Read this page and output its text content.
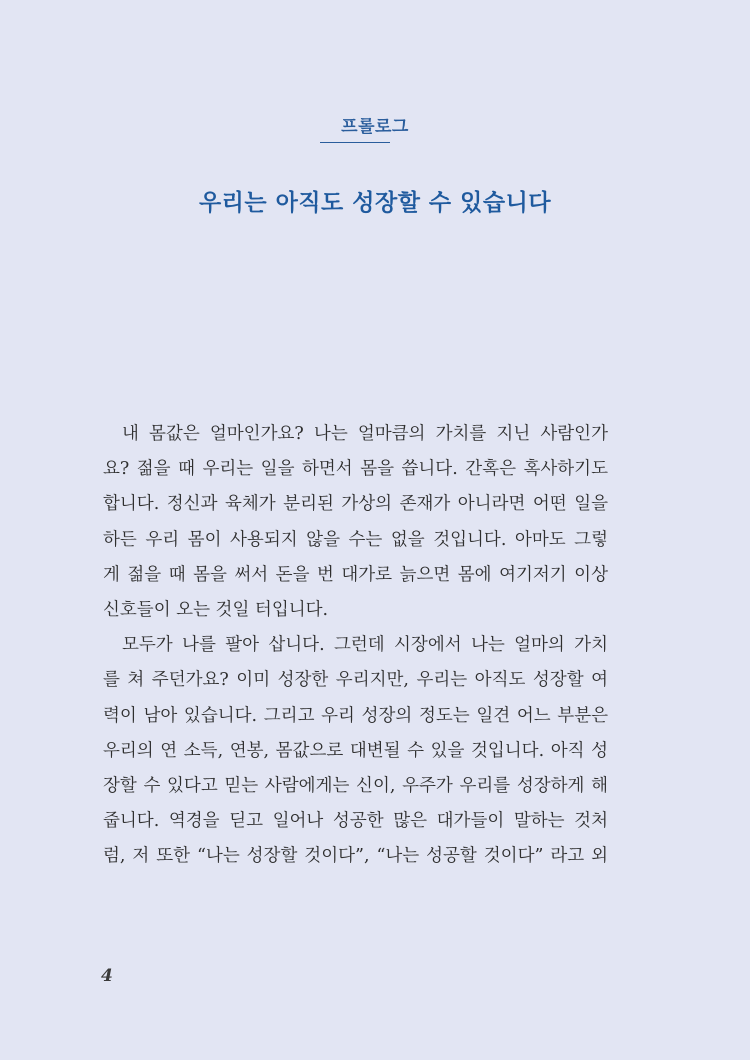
프롤로그
우리는 아직도 성장할 수 있습니다
내 몸값은 얼마인가요? 나는 얼마큼의 가치를 지닌 사람인가
요? 젊을 때 우리는 일을 하면서 몸을 씁니다. 간혹은 혹사하기도
합니다. 정신과 육체가 분리된 가상의 존재가 아니라면 어떤 일을
하든 우리 몸이 사용되지 않을 수는 없을 것입니다. 아마도 그렇
게 젊을 때 몸을 써서 돈을 번 대가로 늙으면 몸에 여기저기 이상
신호들이 오는 것일 터입니다.
모두가 나를 팔아 삽니다. 그런데 시장에서 나는 얼마의 가치
를 쳐 주던가요? 이미 성장한 우리지만, 우리는 아직도 성장할 여
력이 남아 있습니다. 그리고 우리 성장의 정도는 일견 어느 부분은
우리의 연 소득, 연봉, 몸값으로 대변될 수 있을 것입니다. 아직 성
장할 수 있다고 믿는 사람에게는 신이, 우주가 우리를 성장하게 해
줍니다. 역경을 딛고 일어나 성공한 많은 대가들이 말하는 것처
럼, 저 또한 “나는 성장할 것이다”, “나는 성공할 것이다” 라고 외
4
